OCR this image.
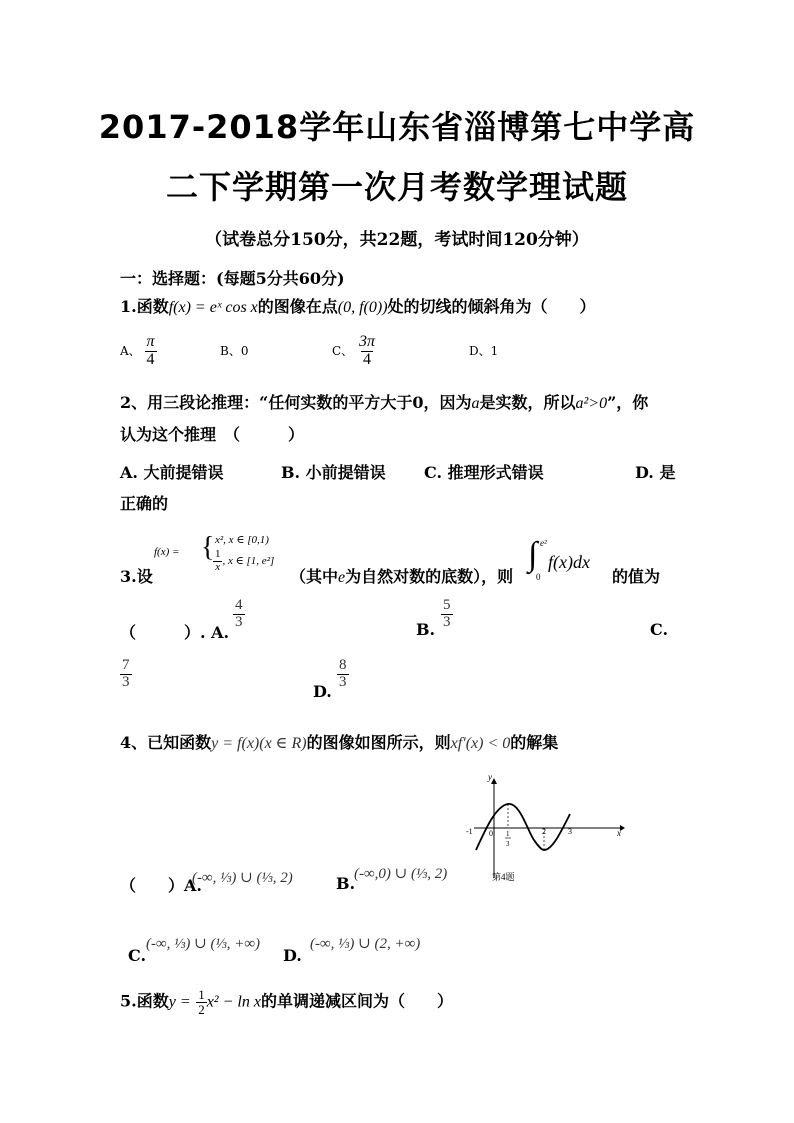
2017-2018学年山东省淄博第七中学高
二下学期第一次月考数学理试题
（试卷总分150分，共22题，考试时间120分钟）
一：选择题：(每题5分共60分)
1.函数f(x) = eˣ cos x的图像在点(0, f(0))处的切线的倾斜角为（　　）
A、 $\frac{\pi}{4}$	B、0	C、 $\frac{3\pi}{4}$	D、1
2、用三段论推理：“任何实数的平方大于0，因为a是实数，所以a²>0”，你
认为这个推理　（　　　）
A. 大前提错误	B. 小前提错误 C. 推理形式错误	D. 是
正确的
3.设
f(x) = { x², x ∈ [0,1)
$\frac{1}{x}$ , x ∈ [1, e²]
（其中e为自然对数的底数），则
∫ e²
0
f(x)dx
的值为
（　　　）. A.
$\frac{4}{3}$	B. $\frac{5}{3}$	C.
$\frac{7}{3}$
D.
$\frac{8}{3}$
4、已知函数y = f(x)(x ∈ R)的图像如图所示，则xf′(x) < 0的解集
y
x
0
-1	1
3
2	3
第4题
（　　）A.
(-∞, ⅓) ∪ (⅓, 2)	B.
(-∞,0) ∪ (⅓, 2)
C.
(-∞, ⅓) ∪ (⅓, +∞)
D.
(-∞, ⅓) ∪ (2, +∞)
5.函数$y = \frac{1}{2} x^2 - \ln x$的单调递减区间为（　　）
